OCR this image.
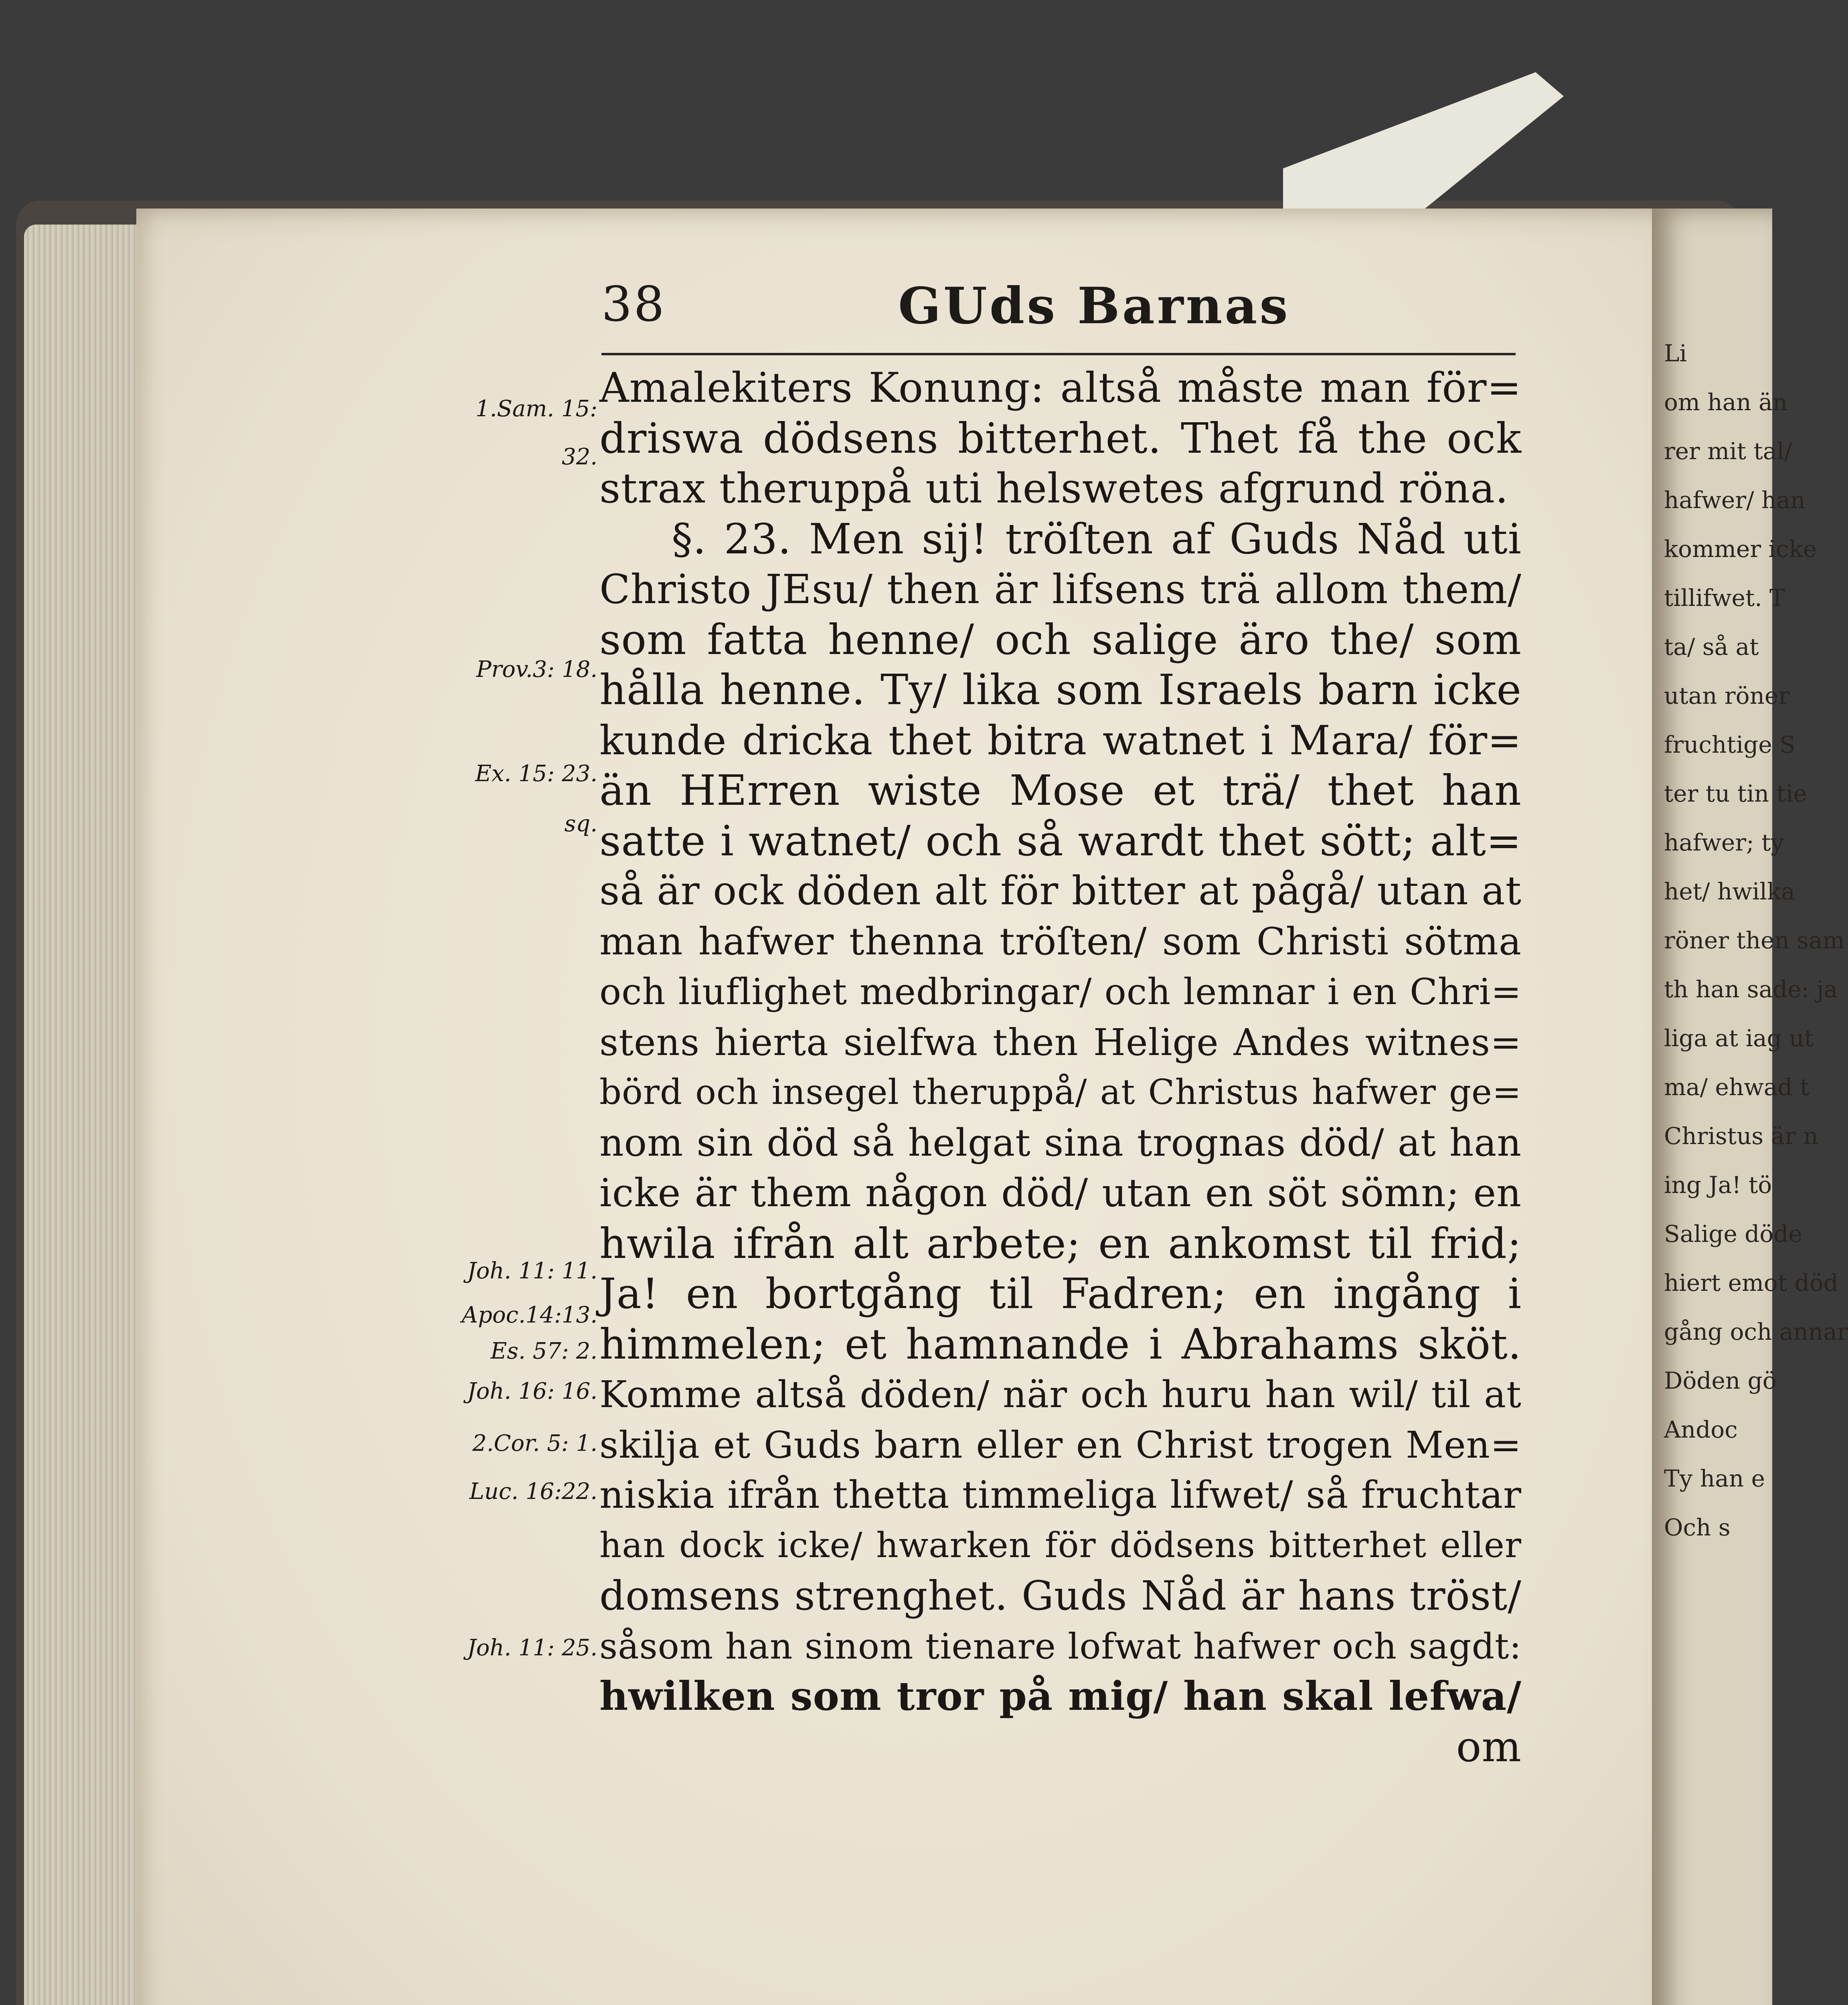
Li
om han än
rer mit tal/
hafwer/ han
kommer icke
tillifwet. T
ta/ så at
utan röner
fruchtige S
ter tu tin tie
hafwer; ty
het/ hwilka
röner then sam
th han sade: ja
liga at iag ut
ma/ ehwad t
Christus är n
ing Ja! tö
Salige döde
hiert emot död
gång och annar
Döden gö
Andoc
Ty han e
Och s
38	GUds Barnas
1.Sam. 15:
32.
Prov.3: 18.
Ex. 15: 23.
sq.
Joh. 11: 11.
Apoc.14:13.
Es. 57: 2.
Joh. 16: 16.
2.Cor. 5: 1.
Luc. 16:22.
Joh. 11: 25.
Amalekiters Konung: altså måste man för=
driswa dödsens bitterhet. Thet få the ock
strax theruppå uti helswetes afgrund röna.
§. 23. Men sij! tröſten af Guds Nåd uti
Christo JEsu/ then är lifsens trä allom them/
som fatta henne/ och salige äro the/ som
hålla henne. Ty/ lika som Israels barn icke
kunde dricka thet bitra watnet i Mara/ för=
än HErren wiste Mose et trä/ thet han
satte i watnet/ och så wardt thet sött; alt=
så är ock döden alt för bitter at pågå/ utan at
man hafwer thenna tröſten/ som Christi sötma
och liuflighet medbringar/ och lemnar i en Chri=
stens hierta sielfwa then Helige Andes witnes=
börd och insegel theruppå/ at Christus hafwer ge=
nom sin död så helgat sina trognas död/ at han
icke är them någon död/ utan en söt sömn; en
hwila ifrån alt arbete; en ankomst til frid;
Ja! en bortgång til Fadren; en ingång i
himmelen; et hamnande i Abrahams sköt.
Komme altså döden/ när och huru han wil/ til at
skilja et Guds barn eller en Christ trogen Men=
niskia ifrån thetta timmeliga lifwet/ så fruchtar
han dock icke/ hwarken för dödsens bitterhet eller
domsens strenghet. Guds Nåd är hans tröst/
såsom han sinom tienare lofwat hafwer och sagdt:
hwilken som tror på mig/ han skal lefwa/
om
